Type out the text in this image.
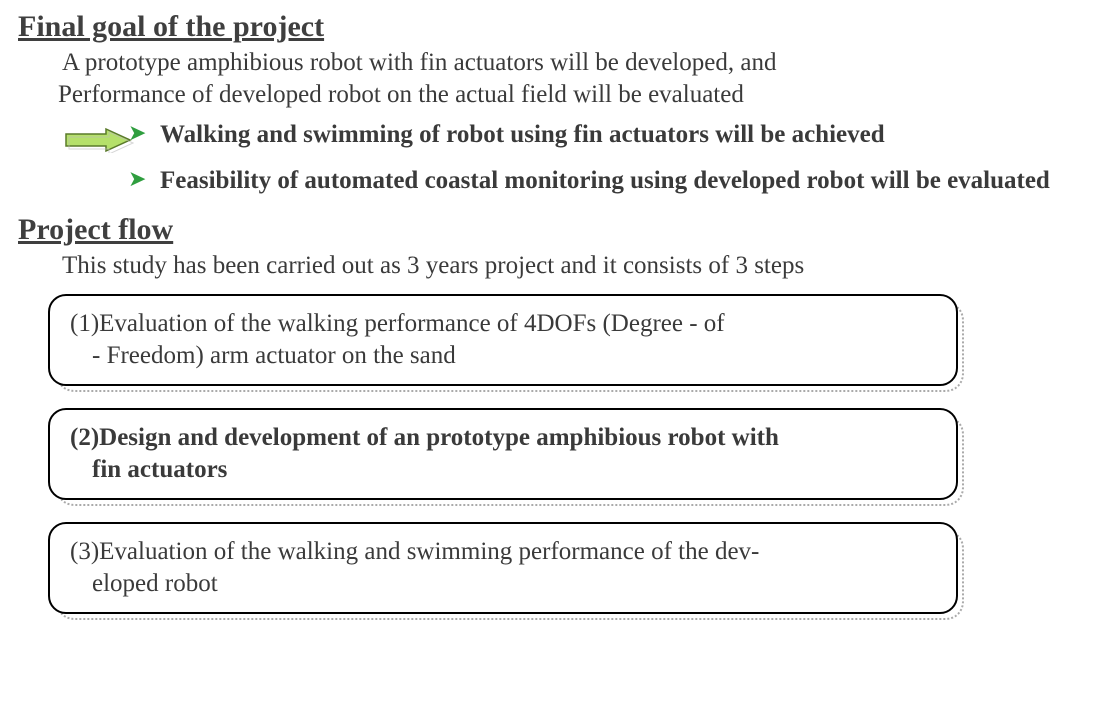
Final goal of the project
A prototype amphibious robot with fin actuators will be developed, and
Performance of developed robot on the actual field will be evaluated
➤ Walking and swimming of robot using fin actuators will be achieved
➤ Feasibility of automated coastal monitoring using developed robot will be evaluated
Project flow
This study has been carried out as 3 years project and it consists of 3 steps
(1)Evaluation of the walking performance of 4DOFs (Degree - of
- Freedom) arm actuator on the sand
(2)Design and development of an prototype amphibious robot with
fin actuators
(3)Evaluation of the walking and swimming performance of the dev-
eloped robot
